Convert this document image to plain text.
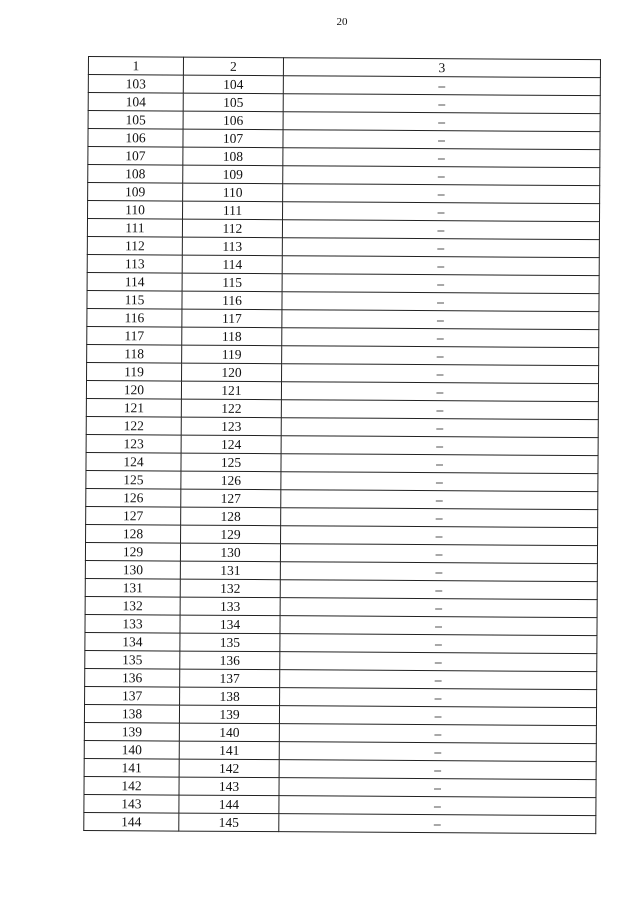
20
1	2	3
103	104	–
104	105	–
105	106	–
106	107	–
107	108	–
108	109	–
109	110	–
110	111	–
111	112	–
112	113	–
113	114	–
114	115	–
115	116	–
116	117	–
117	118	–
118	119	–
119	120	–
120	121	–
121	122	–
122	123	–
123	124	–
124	125	–
125	126	–
126	127	–
127	128	–
128	129	–
129	130	–
130	131	–
131	132	–
132	133	–
133	134	–
134	135	–
135	136	–
136	137	–
137	138	–
138	139	–
139	140	–
140	141	–
141	142	–
142	143	–
143	144	–
144	145	–
